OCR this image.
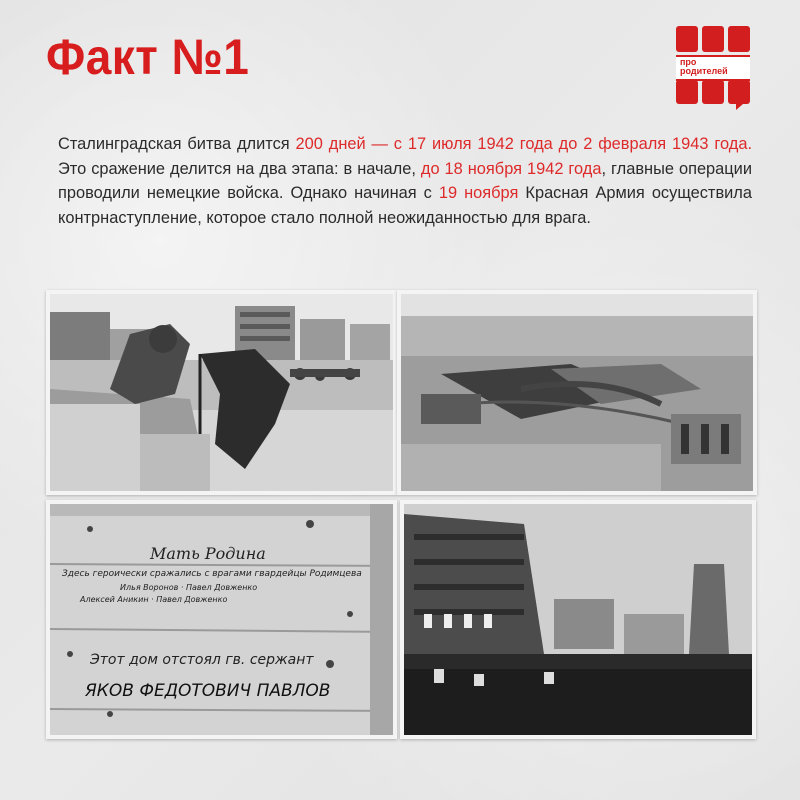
Факт №1	про
родителей
Сталинградская битва длится 200 дней — с 17 июля 1942 года до 2 февраля 1943 года. Это сражение делится на два этапа: в начале, до 18 ноября 1942 года, главные операции проводили немецкие войска. Однако начиная с 19 ноября Красная Армия осуществила контрнаступление, которое стало полной неожиданностью для врага.
Мать Родина
Здесь героически сражались с врагами гвардейцы Родимцева
Илья Воронов · Павел Довженко
Алексей Аникин · Павел Довженко
Этот дом отстоял гв. сержант
ЯКОВ ФЕДОТОВИЧ ПАВЛОВ
